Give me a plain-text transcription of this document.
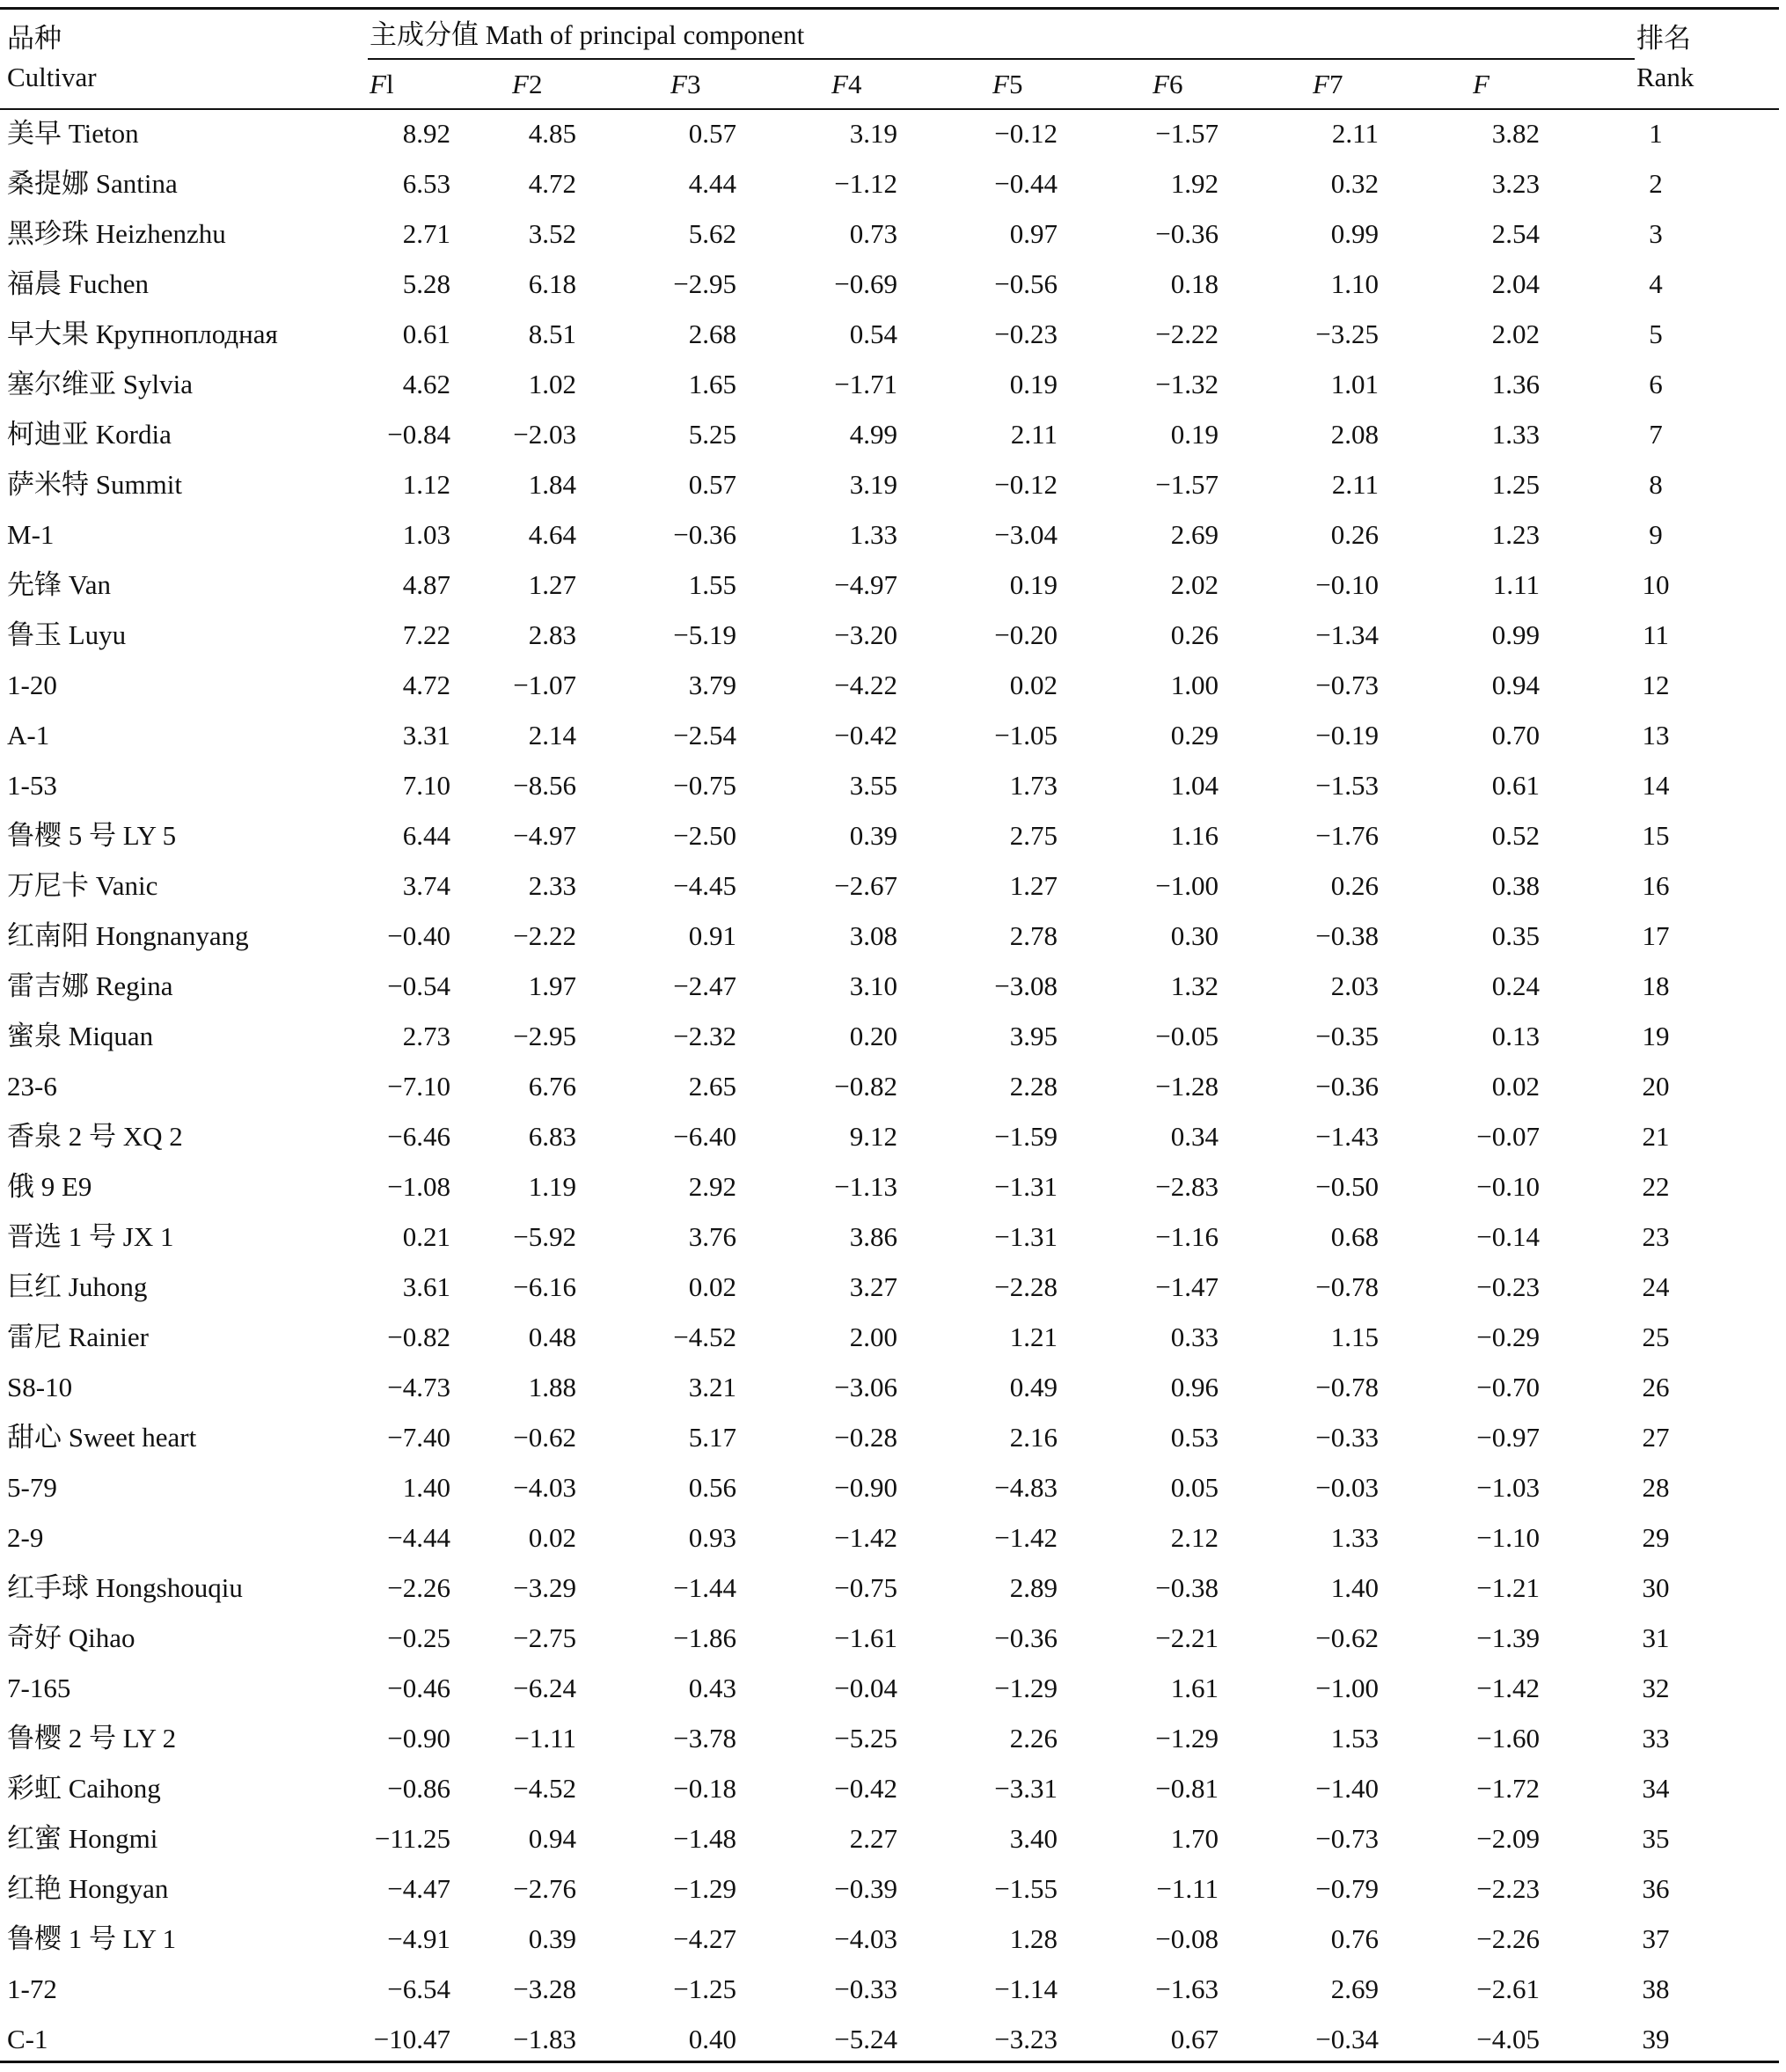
品种
Cultivar
主成分值 Math of principal component	排名
Rank
Fl	F2	F3	F4	F5	F6	F7	F
美早 Tieton	8.92	4.85	0.57	3.19	−0.12	−1.57	2.11	3.82	1
桑提娜 Santina	6.53	4.72	4.44	−1.12	−0.44	1.92	0.32	3.23	2
黑珍珠 Heizhenzhu	2.71	3.52	5.62	0.73	0.97	−0.36	0.99	2.54	3
福晨 Fuchen	5.28	6.18	−2.95	−0.69	−0.56	0.18	1.10	2.04	4
早大果 Крупноплодная	0.61	8.51	2.68	0.54	−0.23	−2.22	−3.25	2.02	5
塞尔维亚 Sylvia	4.62	1.02	1.65	−1.71	0.19	−1.32	1.01	1.36	6
柯迪亚 Kordia	−0.84	−2.03	5.25	4.99	2.11	0.19	2.08	1.33	7
萨米特 Summit	1.12	1.84	0.57	3.19	−0.12	−1.57	2.11	1.25	8
M-1	1.03	4.64	−0.36	1.33	−3.04	2.69	0.26	1.23	9
先锋 Van	4.87	1.27	1.55	−4.97	0.19	2.02	−0.10	1.11	10
鲁玉 Luyu	7.22	2.83	−5.19	−3.20	−0.20	0.26	−1.34	0.99	11
1-20	4.72	−1.07	3.79	−4.22	0.02	1.00	−0.73	0.94	12
A-1	3.31	2.14	−2.54	−0.42	−1.05	0.29	−0.19	0.70	13
1-53	7.10	−8.56	−0.75	3.55	1.73	1.04	−1.53	0.61	14
鲁樱 5 号 LY 5	6.44	−4.97	−2.50	0.39	2.75	1.16	−1.76	0.52	15
万尼卡 Vanic	3.74	2.33	−4.45	−2.67	1.27	−1.00	0.26	0.38	16
红南阳 Hongnanyang	−0.40	−2.22	0.91	3.08	2.78	0.30	−0.38	0.35	17
雷吉娜 Regina	−0.54	1.97	−2.47	3.10	−3.08	1.32	2.03	0.24	18
蜜泉 Miquan	2.73	−2.95	−2.32	0.20	3.95	−0.05	−0.35	0.13	19
23-6	−7.10	6.76	2.65	−0.82	2.28	−1.28	−0.36	0.02	20
香泉 2 号 XQ 2	−6.46	6.83	−6.40	9.12	−1.59	0.34	−1.43	−0.07	21
俄 9 E9	−1.08	1.19	2.92	−1.13	−1.31	−2.83	−0.50	−0.10	22
晋选 1 号 JX 1	0.21	−5.92	3.76	3.86	−1.31	−1.16	0.68	−0.14	23
巨红 Juhong	3.61	−6.16	0.02	3.27	−2.28	−1.47	−0.78	−0.23	24
雷尼 Rainier	−0.82	0.48	−4.52	2.00	1.21	0.33	1.15	−0.29	25
S8-10	−4.73	1.88	3.21	−3.06	0.49	0.96	−0.78	−0.70	26
甜心 Sweet heart	−7.40	−0.62	5.17	−0.28	2.16	0.53	−0.33	−0.97	27
5-79	1.40	−4.03	0.56	−0.90	−4.83	0.05	−0.03	−1.03	28
2-9	−4.44	0.02	0.93	−1.42	−1.42	2.12	1.33	−1.10	29
红手球 Hongshouqiu	−2.26	−3.29	−1.44	−0.75	2.89	−0.38	1.40	−1.21	30
奇好 Qihao	−0.25	−2.75	−1.86	−1.61	−0.36	−2.21	−0.62	−1.39	31
7-165	−0.46	−6.24	0.43	−0.04	−1.29	1.61	−1.00	−1.42	32
鲁樱 2 号 LY 2	−0.90	−1.11	−3.78	−5.25	2.26	−1.29	1.53	−1.60	33
彩虹 Caihong	−0.86	−4.52	−0.18	−0.42	−3.31	−0.81	−1.40	−1.72	34
红蜜 Hongmi	−11.25	0.94	−1.48	2.27	3.40	1.70	−0.73	−2.09	35
红艳 Hongyan	−4.47	−2.76	−1.29	−0.39	−1.55	−1.11	−0.79	−2.23	36
鲁樱 1 号 LY 1	−4.91	0.39	−4.27	−4.03	1.28	−0.08	0.76	−2.26	37
1-72	−6.54	−3.28	−1.25	−0.33	−1.14	−1.63	2.69	−2.61	38
C-1	−10.47	−1.83	0.40	−5.24	−3.23	0.67	−0.34	−4.05	39
